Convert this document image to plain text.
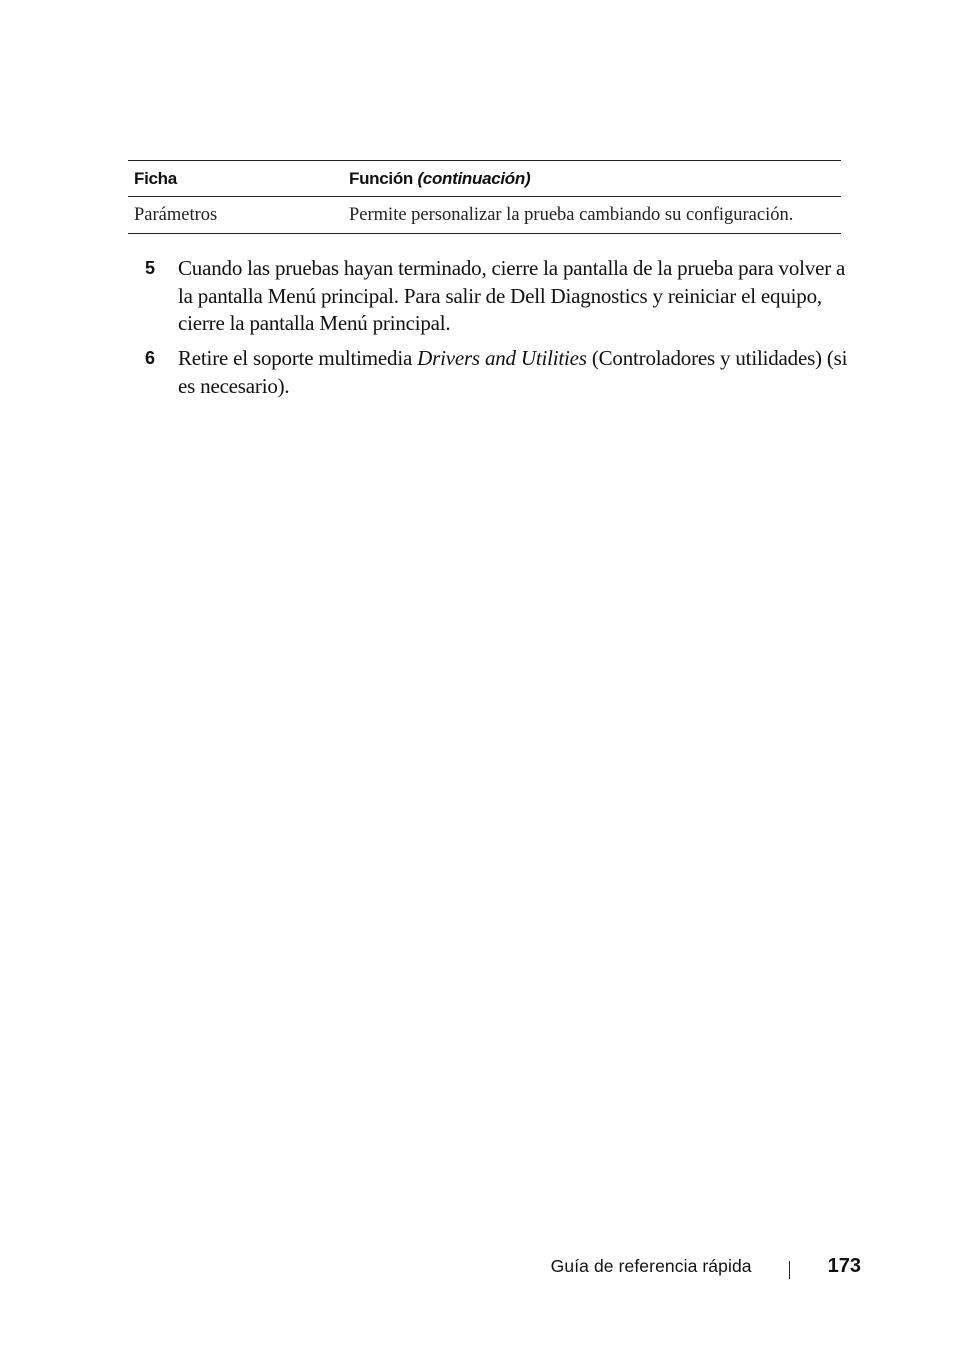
Ficha	Función (continuación)
Parámetros	Permite personalizar la prueba cambiando su configuración.
5	Cuando las pruebas hayan terminado, cierre la pantalla de la prueba para volver a la pantalla Menú principal. Para salir de Dell Diagnostics y reiniciar el equipo, cierre la pantalla Menú principal.
6	Retire el soporte multimedia Drivers and Utilities (Controladores y utilidades) (si es necesario).
Guía de referencia rápida	173
